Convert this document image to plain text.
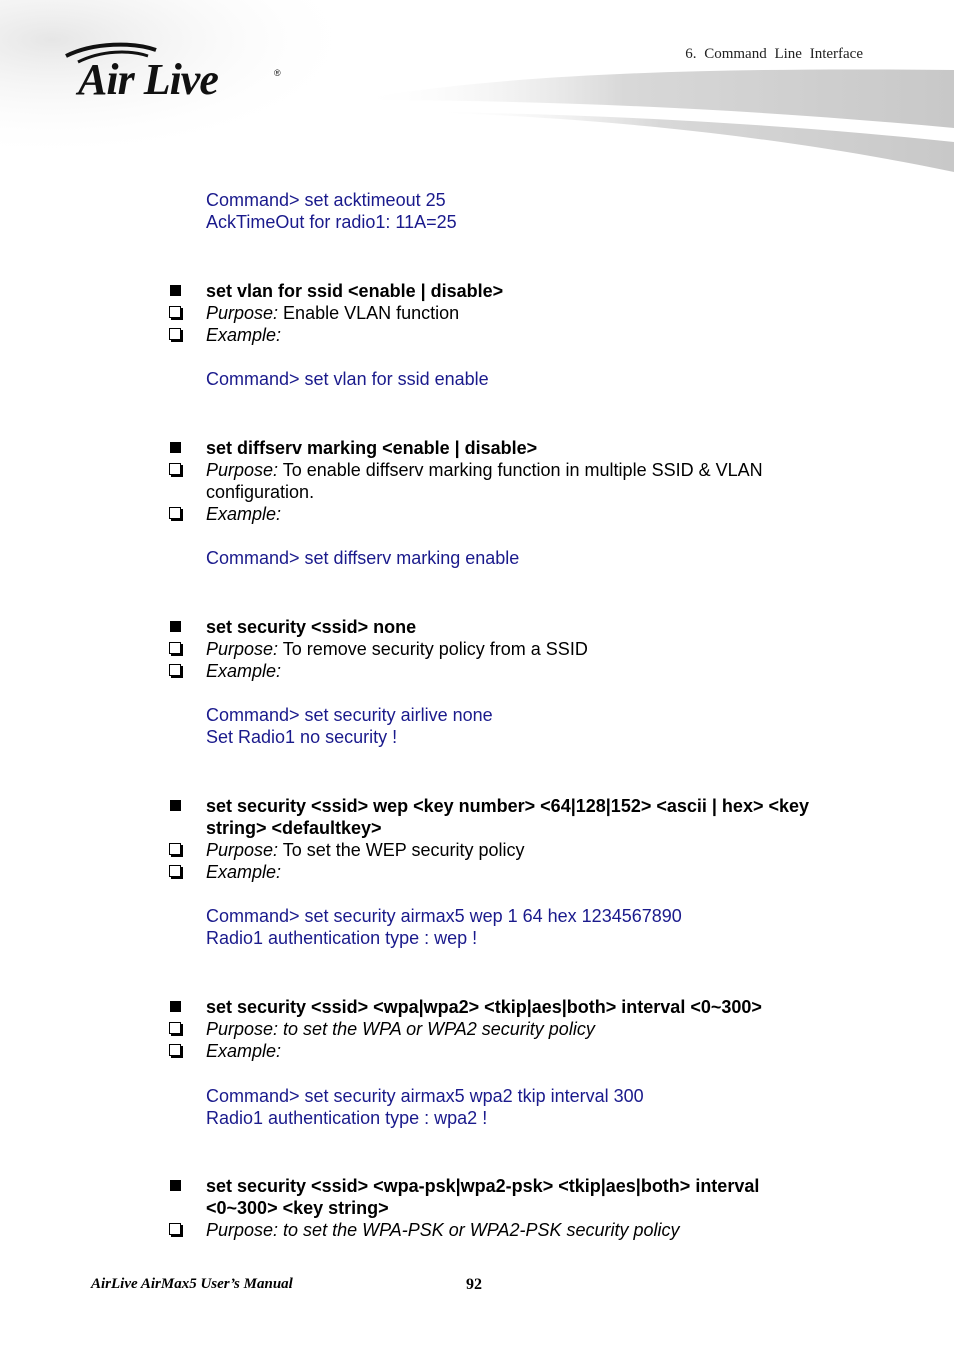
Air Live	®
6. Command Line Interface
Command> set acktimeout 25
AckTimeOut for radio1: 11A=25
set vlan for ssid <enable | disable>
Purpose: Enable VLAN function
Example:
Command> set vlan for ssid enable
set diffserv marking <enable | disable>
Purpose: To enable diffserv marking function in multiple SSID & VLAN
configuration.
Example:
Command> set diffserv marking enable
set security <ssid> none
Purpose: To remove security policy from a SSID
Example:
Command> set security airlive none
Set Radio1 no security !
set security <ssid> wep <key number> <64|128|152> <ascii | hex> <key
string> <defaultkey>
Purpose: To set the WEP security policy
Example:
Command> set security airmax5 wep 1 64 hex 1234567890
Radio1 authentication type : wep !
set security <ssid> <wpa|wpa2> <tkip|aes|both> interval <0~300>
Purpose: to set the WPA or WPA2 security policy
Example:
Command> set security airmax5 wpa2 tkip interval 300
Radio1 authentication type : wpa2 !
set security <ssid> <wpa-psk|wpa2-psk> <tkip|aes|both> interval
<0~300> <key string>
Purpose: to set the WPA-PSK or WPA2-PSK security policy
AirLive AirMax5 User’s Manual	92
